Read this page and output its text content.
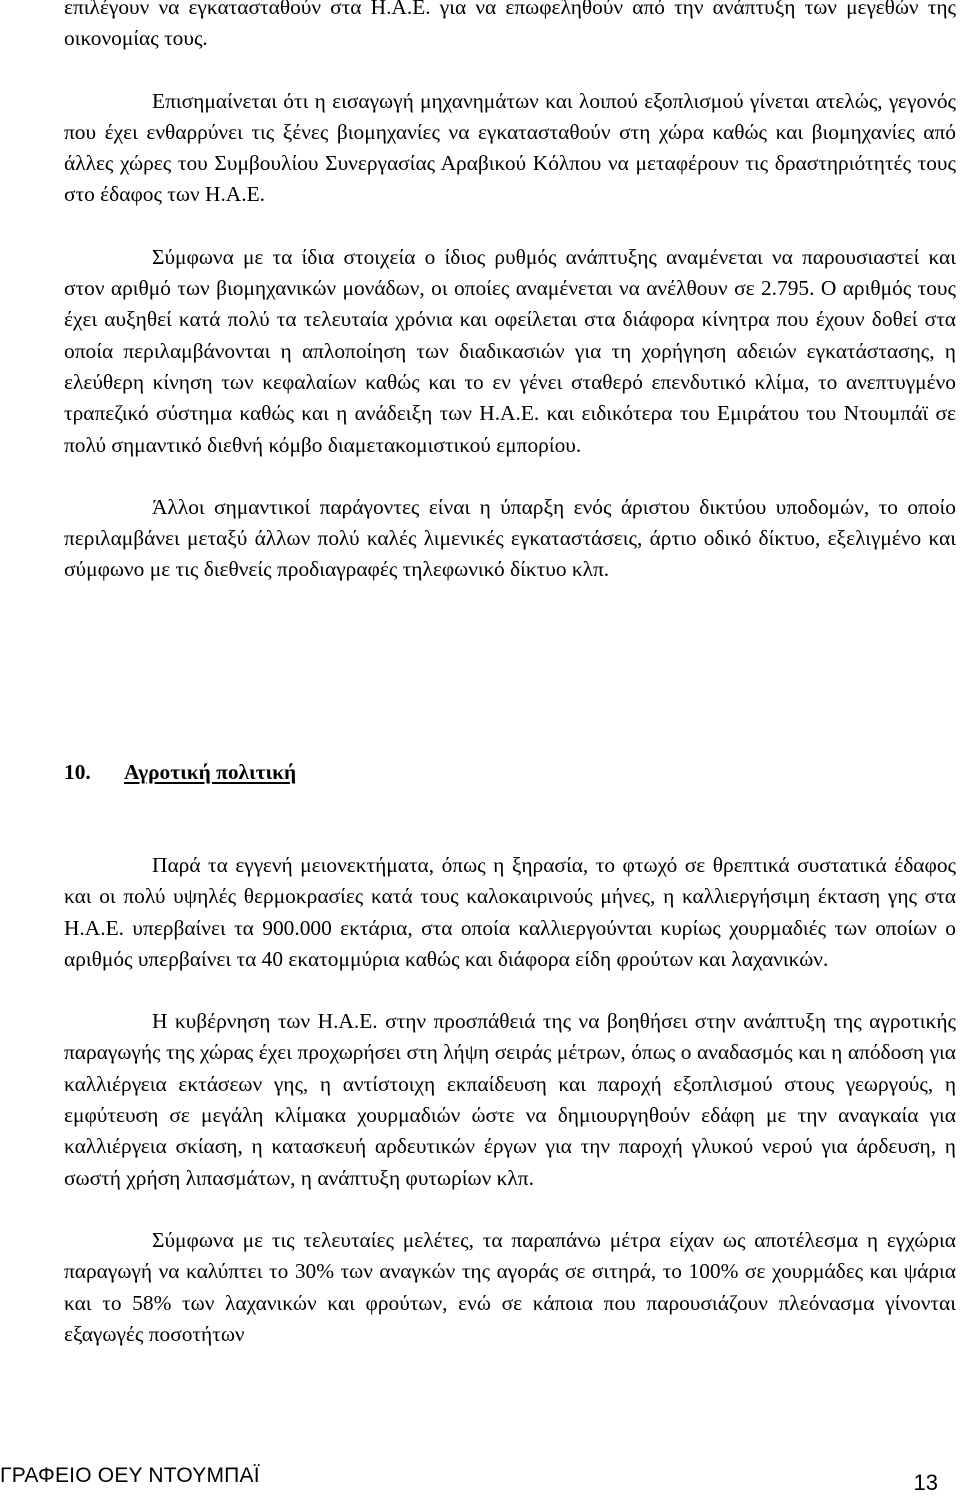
επιλέγουν να εγκατασταθούν στα Η.Α.Ε. για να επωφεληθούν από την ανάπτυξη των μεγεθών της οικονομίας τους.

Επισημαίνεται ότι η εισαγωγή μηχανημάτων και λοιπού εξοπλισμού γίνεται ατελώς, γεγονός που έχει ενθαρρύνει τις ξένες βιομηχανίες να εγκατασταθούν στη χώρα καθώς και βιομηχανίες από άλλες χώρες του Συμβουλίου Συνεργασίας Αραβικού Κόλπου να μεταφέρουν τις δραστηριότητές τους στο έδαφος των Η.Α.Ε.

Σύμφωνα με τα ίδια στοιχεία ο ίδιος ρυθμός ανάπτυξης αναμένεται να παρουσιαστεί και στον αριθμό των βιομηχανικών μονάδων, οι οποίες αναμένεται να ανέλθουν σε 2.795. Ο αριθμός τους έχει αυξηθεί κατά πολύ τα τελευταία χρόνια και οφείλεται στα διάφορα κίνητρα που έχουν δοθεί στα οποία περιλαμβάνονται η απλοποίηση των διαδικασιών για τη χορήγηση αδειών εγκατάστασης, η ελεύθερη κίνηση των κεφαλαίων καθώς και το εν γένει σταθερό επενδυτικό κλίμα, το ανεπτυγμένο τραπεζικό σύστημα καθώς και η ανάδειξη των Η.Α.Ε. και ειδικότερα του Εμιράτου του Ντουμπάϊ σε πολύ σημαντικό διεθνή κόμβο διαμετακομιστικού εμπορίου.

Άλλοι σημαντικοί παράγοντες είναι η ύπαρξη ενός άριστου δικτύου υποδομών, το οποίο περιλαμβάνει μεταξύ άλλων πολύ καλές λιμενικές εγκαταστάσεις, άρτιο οδικό δίκτυο, εξελιγμένο και σύμφωνο με τις διεθνείς προδιαγραφές τηλεφωνικό δίκτυο κλπ.

10. Αγροτική πολιτική

Παρά τα εγγενή μειονεκτήματα, όπως η ξηρασία, το φτωχό σε θρεπτικά συστατικά έδαφος και οι πολύ υψηλές θερμοκρασίες κατά τους καλοκαιρινούς μήνες, η καλλιεργήσιμη έκταση γης στα Η.Α.Ε. υπερβαίνει τα 900.000 εκτάρια, στα οποία καλλιεργούνται κυρίως χουρμαδιές των οποίων ο αριθμός υπερβαίνει τα 40 εκατομμύρια καθώς και διάφορα είδη φρούτων και λαχανικών.

Η κυβέρνηση των Η.Α.Ε. στην προσπάθειά της να βοηθήσει στην ανάπτυξη της αγροτικής παραγωγής της χώρας έχει προχωρήσει στη λήψη σειράς μέτρων, όπως ο αναδασμός και η απόδοση για καλλιέργεια εκτάσεων γης, η αντίστοιχη εκπαίδευση και παροχή εξοπλισμού στους γεωργούς, η εμφύτευση σε μεγάλη κλίμακα χουρμαδιών ώστε να δημιουργηθούν εδάφη με την αναγκαία για καλλιέργεια σκίαση, η κατασκευή αρδευτικών έργων για την παροχή γλυκού νερού για άρδευση, η σωστή χρήση λιπασμάτων, η ανάπτυξη φυτωρίων κλπ.

Σύμφωνα με τις τελευταίες μελέτες, τα παραπάνω μέτρα είχαν ως αποτέλεσμα η εγχώρια παραγωγή να καλύπτει το 30% των αναγκών της αγοράς σε σιτηρά, το 100% σε χουρμάδες και ψάρια και το 58% των λαχανικών και φρούτων, ενώ σε κάποια που παρουσιάζουν πλεόνασμα γίνονται εξαγωγές ποσοτήτων

ΓΡΑΦΕΙΟ ΟΕΥ ΝΤΟΥΜΠΑΪ	13
